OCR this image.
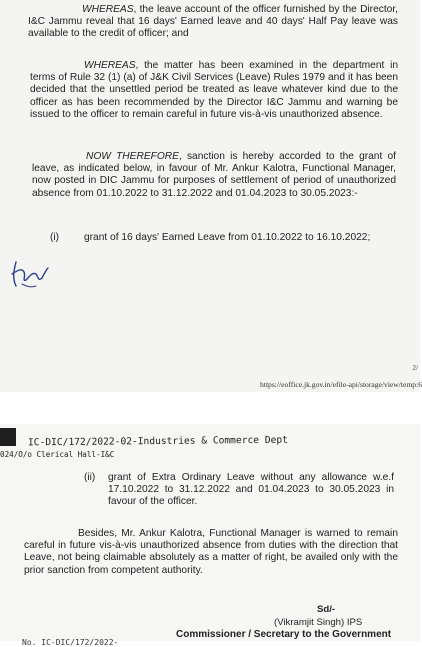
WHEREAS, the leave account of the officer furnished by the Director, I&C Jammu reveal that 16 days' Earned leave and 40 days' Half Pay leave was available to the credit of officer; and
WHEREAS, the matter has been examined in the department in terms of Rule 32 (1) (a) of J&K Civil Services (Leave) Rules 1979 and it has been decided that the unsettled period be treated as leave whatever kind due to the officer as has been recommended by the Director I&C Jammu and warning be issued to the officer to remain careful in future vis-à-vis unauthorized absence.
NOW THEREFORE, sanction is hereby accorded to the grant of leave, as indicated below, in favour of Mr. Ankur Kalotra, Functional Manager, now posted in DIC Jammu for purposes of settlement of period of unauthorized absence from 01.10.2022 to 31.12.2022 and 01.04.2023 to 30.05.2023:-
(i) grant of 16 days' Earned Leave from 01.10.2022 to 16.10.2022;
2/
https://eoffice.jk.gov.in/efile-api/storage/view/temp:6
IC-DIC/172/2022-02-Industries & Commerce Dept
024/O/o Clerical Hall-I&C
(ii) grant of Extra Ordinary Leave without any allowance w.e.f 17.10.2022 to 31.12.2022 and 01.04.2023 to 30.05.2023 in favour of the officer.
Besides, Mr. Ankur Kalotra, Functional Manager is warned to remain careful in future vis-à-vis unauthorized absence from duties with the direction that Leave, not being claimable absolutely as a matter of right, be availed only with the prior sanction from competent authority.
Sd/-
(Vikramjit Singh) IPS
Commissioner / Secretary to the Government
No. IC-DIC/172/2022-
